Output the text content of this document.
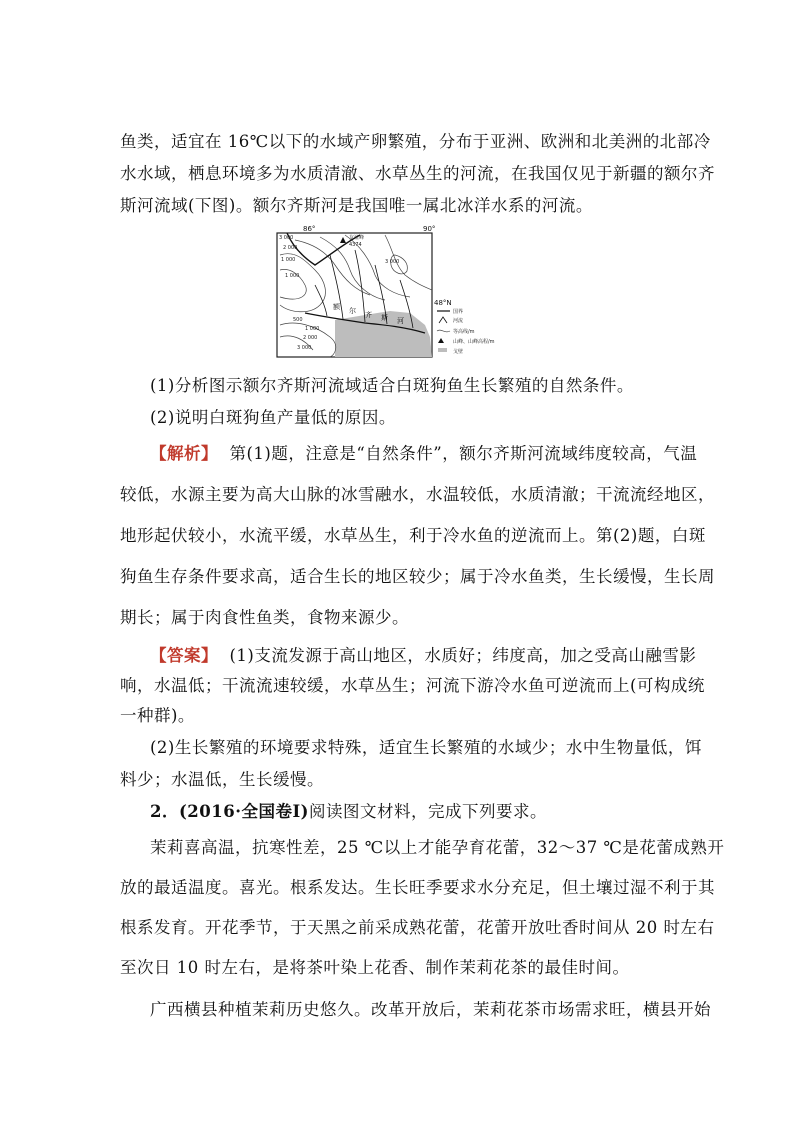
鱼类，适宜在 16℃以下的水域产卵繁殖，分布于亚洲、欧洲和北美洲的北部冷
水水域，栖息环境多为水质清澈、水草丛生的河流，在我国仅见于新疆的额尔齐
斯河流域(下图)。额尔齐斯河是我国唯一属北冰洋水系的河流。
友谊峰
4374
86°	90°
48°N
3 000
2 000
1 000
1 000
500
3 000
1 000
2 000
3 000
额 尔 齐 斯 河
国界
河流
等高线/m
山峰、山峰高程/m
戈壁
(1)分析图示额尔齐斯河流域适合白斑狗鱼生长繁殖的自然条件。
(2)说明白斑狗鱼产量低的原因。
【解析】 第(1)题，注意是“自然条件”，额尔齐斯河流域纬度较高，气温
较低，水源主要为高大山脉的冰雪融水，水温较低，水质清澈；干流流经地区，
地形起伏较小，水流平缓，水草丛生，利于冷水鱼的逆流而上。第(2)题，白斑
狗鱼生存条件要求高，适合生长的地区较少；属于冷水鱼类，生长缓慢，生长周
期长；属于肉食性鱼类，食物来源少。
【答案】 (1)支流发源于高山地区，水质好；纬度高，加之受高山融雪影
响，水温低；干流流速较缓，水草丛生；河流下游冷水鱼可逆流而上(可构成统
一种群)。
(2)生长繁殖的环境要求特殊，适宜生长繁殖的水域少；水中生物量低，饵
料少；水温低，生长缓慢。
2．(2016·全国卷Ⅰ)阅读图文材料，完成下列要求。
茉莉喜高温，抗寒性差，25 ℃以上才能孕育花蕾，32～37 ℃是花蕾成熟开
放的最适温度。喜光。根系发达。生长旺季要求水分充足，但土壤过湿不利于其
根系发育。开花季节，于天黑之前采成熟花蕾，花蕾开放吐香时间从 20 时左右
至次日 10 时左右，是将茶叶染上花香、制作茉莉花茶的最佳时间。
广西横县种植茉莉历史悠久。改革开放后，茉莉花茶市场需求旺，横县开始
